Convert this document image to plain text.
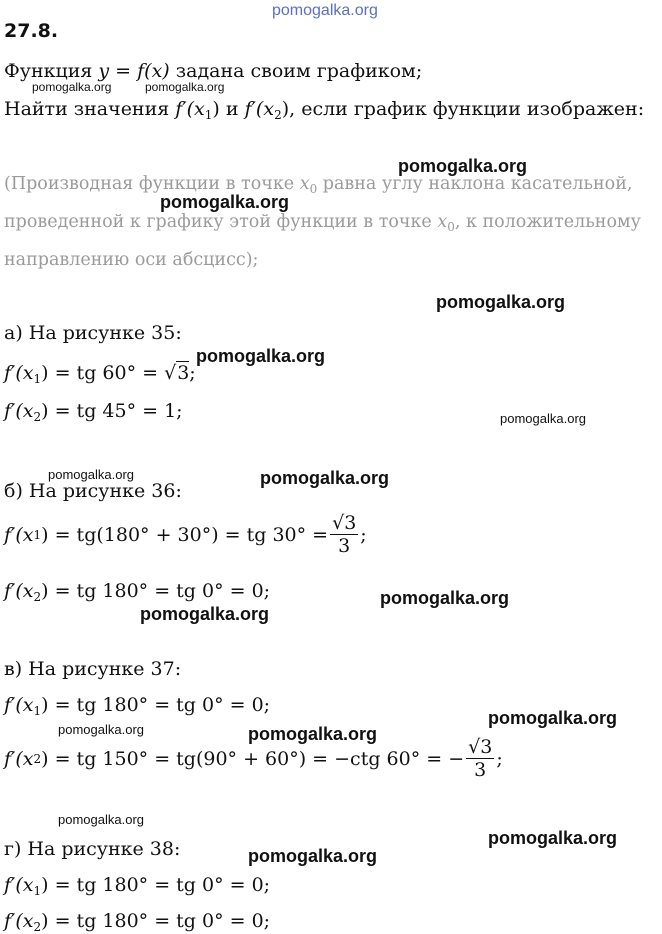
pomogalka.org
27.8.
Функция y = f(x) задана своим графиком;
pomogalka.org	pomogalka.org
Найти значения $f'(x_1)$ и $f'(x_2)$, если график функции изображен:
pomogalka.org
(Производная функции в точке $x_0$ равна углу наклона касательной,
pomogalka.org
проведенной к графику этой функции в точке $x_0$, к положительному
направлению оси абсцисс);
pomogalka.org
а) На рисунке 35:
pomogalka.org
$f'(x_1)$ = tg 60° = √3;
$f'(x_2)$ = tg 45° = 1;	pomogalka.org
pomogalka.org	pomogalka.org
б) На рисунке 36:
f′(x 1 )
= tg(180° + 30°) = tg $30^\circ = \frac{√3}{3}$ ;
$f'(x_2)$ = tg 180° = tg 0° = 0;	pomogalka.org
pomogalka.org
в) На рисунке 37:
$f'(x_1)$ = tg 180° = tg 0° = 0;
pomogalka.org
pomogalka.org	pomogalka.org
f′(x 2 )
= tg 150° = tg(90° + 60°) = −ctg 60° = − $\frac{√3}{3}$ ;
pomogalka.org
pomogalka.org
г) На рисунке 38:	pomogalka.org
$f'(x_1)$ = tg 180° = tg 0° = 0;
$f'(x_2)$ = tg 180° = tg 0° = 0;
